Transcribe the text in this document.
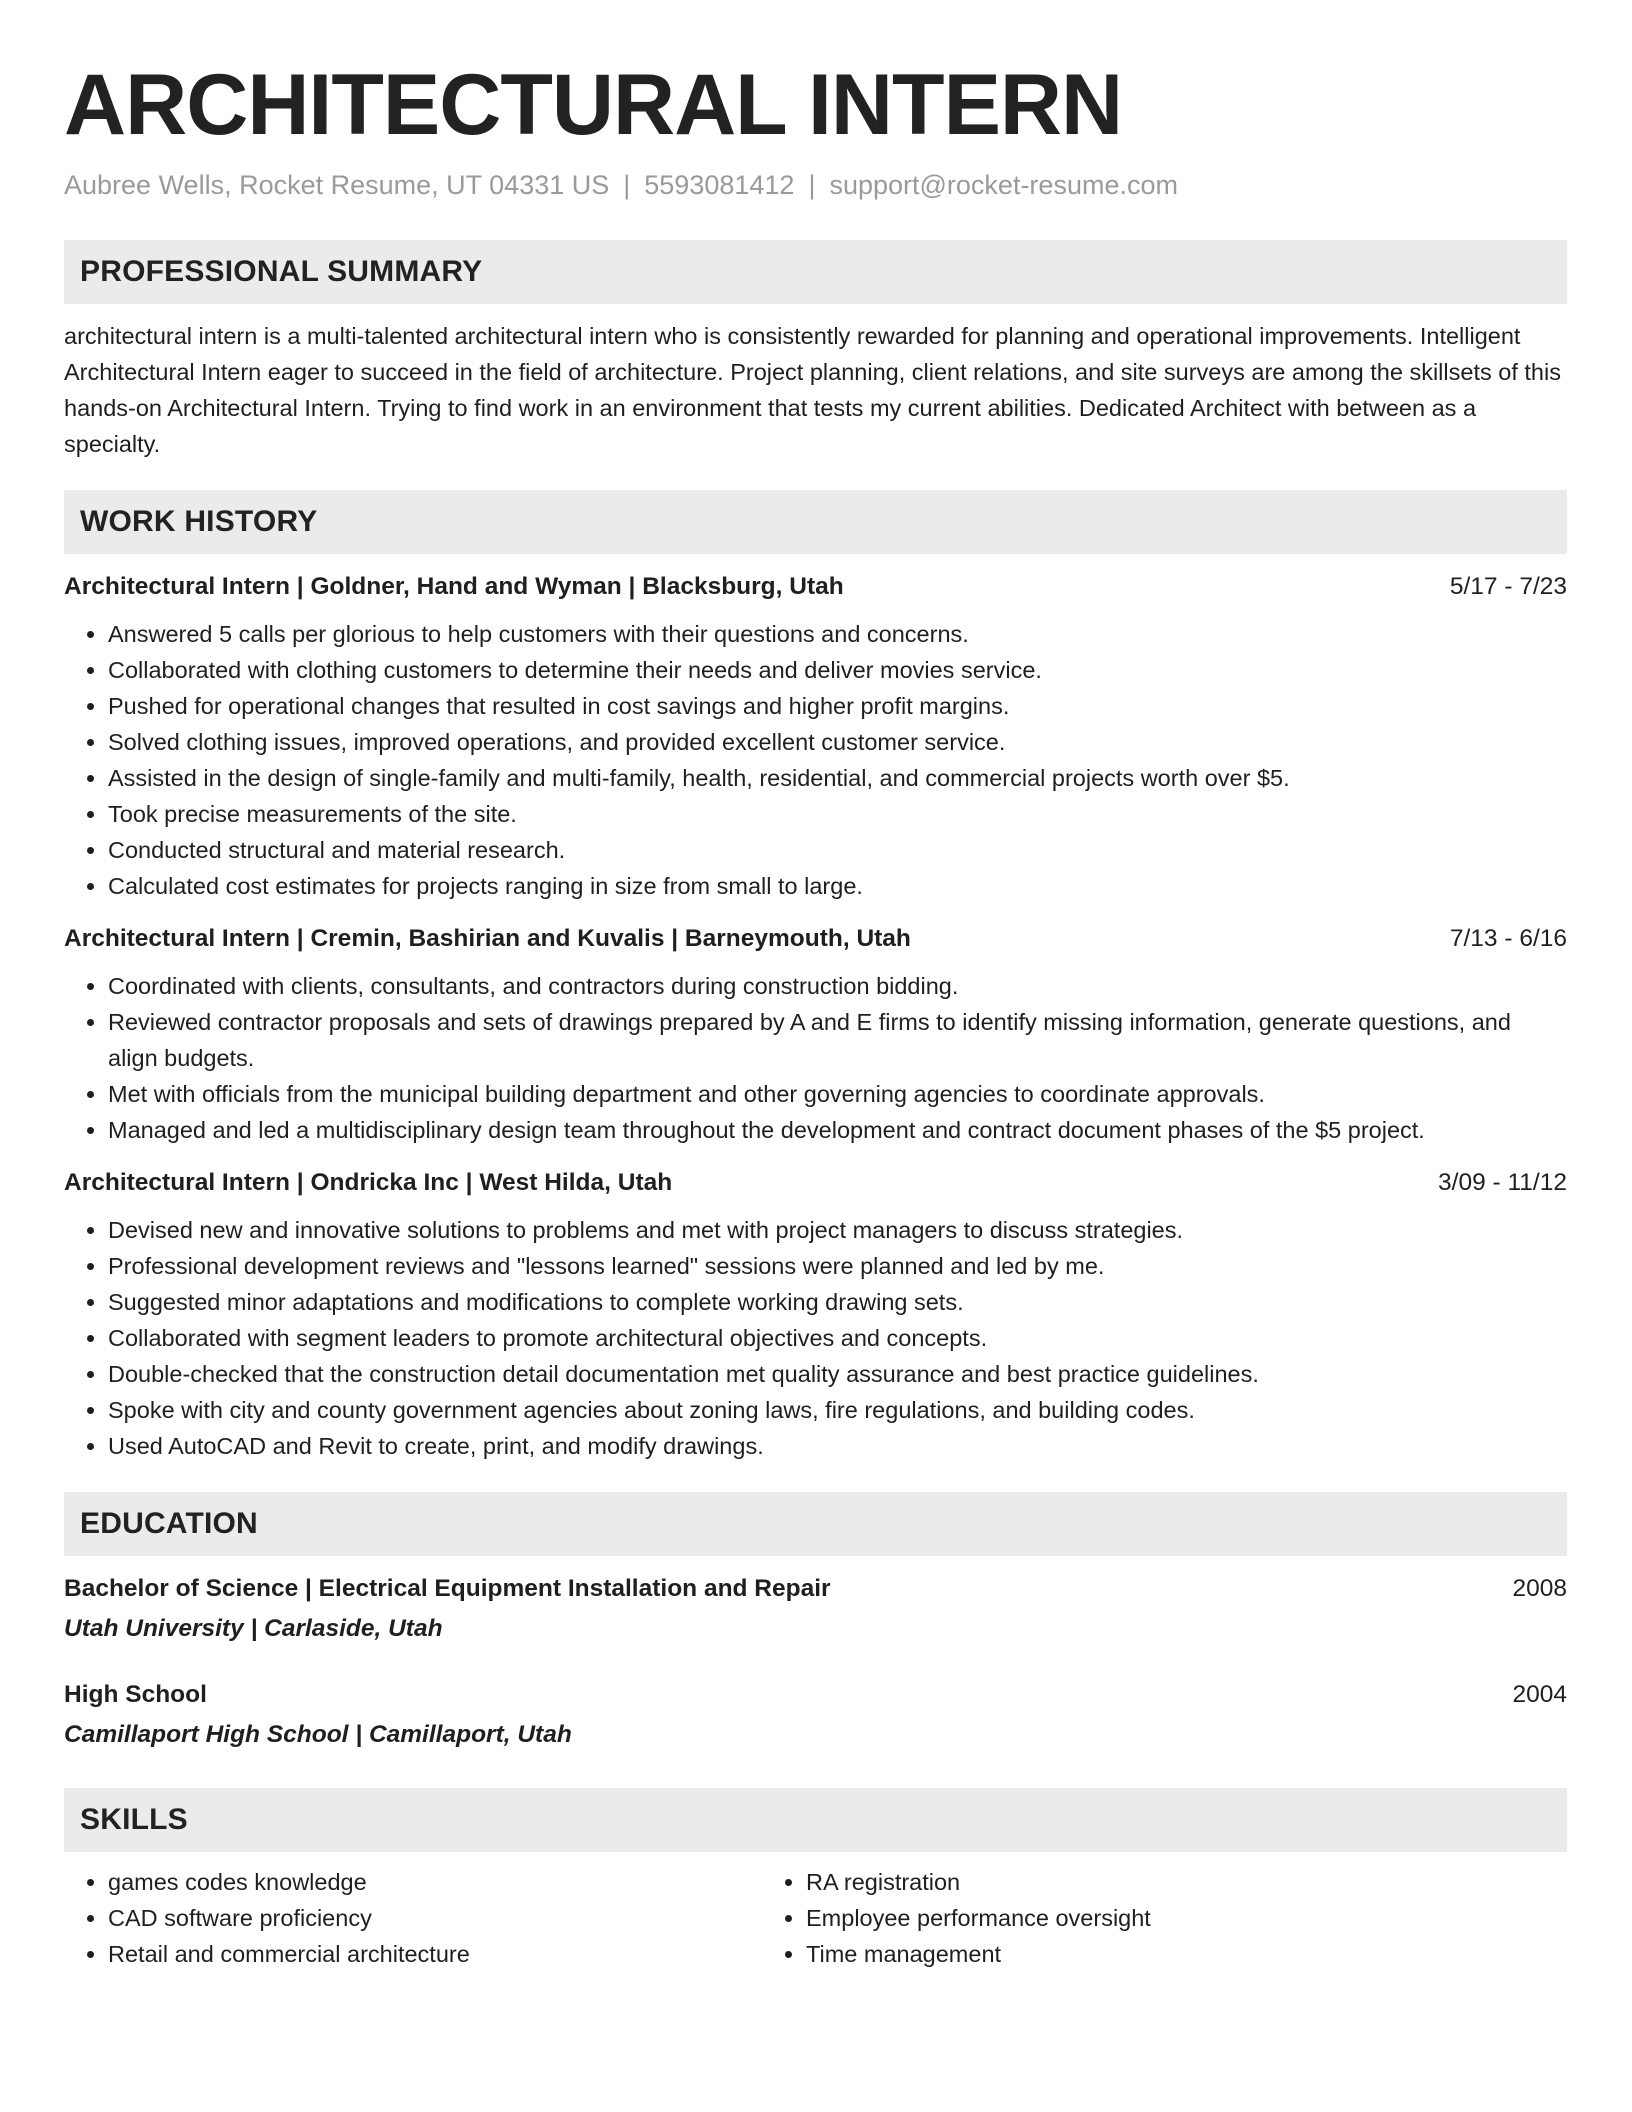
ARCHITECTURAL INTERN
Aubree Wells, Rocket Resume, UT 04331 US | 5593081412 | support@rocket-resume.com
PROFESSIONAL SUMMARY

architectural intern is a multi-talented architectural intern who is consistently rewarded for planning and operational improvements. Intelligent Architectural Intern eager to succeed in the field of architecture. Project planning, client relations, and site surveys are among the skillsets of this hands-on Architectural Intern. Trying to find work in an environment that tests my current abilities. Dedicated Architect with between as a specialty.

WORK HISTORY
Architectural Intern | Goldner, Hand and Wyman | Blacksburg, Utah	5/17 - 7/23
• Answered 5 calls per glorious to help customers with their questions and concerns.
• Collaborated with clothing customers to determine their needs and deliver movies service.
• Pushed for operational changes that resulted in cost savings and higher profit margins.
• Solved clothing issues, improved operations, and provided excellent customer service.
• Assisted in the design of single-family and multi-family, health, residential, and commercial projects worth over $5.
• Took precise measurements of the site.
• Conducted structural and material research.
• Calculated cost estimates for projects ranging in size from small to large.
Architectural Intern | Cremin, Bashirian and Kuvalis | Barneymouth, Utah	7/13 - 6/16
• Coordinated with clients, consultants, and contractors during construction bidding.
• Reviewed contractor proposals and sets of drawings prepared by A and E firms to identify missing information, generate questions, and align budgets.
• Met with officials from the municipal building department and other governing agencies to coordinate approvals.
• Managed and led a multidisciplinary design team throughout the development and contract document phases of the $5 project.
Architectural Intern | Ondricka Inc | West Hilda, Utah	3/09 - 11/12
• Devised new and innovative solutions to problems and met with project managers to discuss strategies.
• Professional development reviews and "lessons learned" sessions were planned and led by me.
• Suggested minor adaptations and modifications to complete working drawing sets.
• Collaborated with segment leaders to promote architectural objectives and concepts.
• Double-checked that the construction detail documentation met quality assurance and best practice guidelines.
• Spoke with city and county government agencies about zoning laws, fire regulations, and building codes.
• Used AutoCAD and Revit to create, print, and modify drawings.
EDUCATION
Bachelor of Science | Electrical Equipment Installation and Repair	2008
Utah University | Carlaside, Utah
High School	2004
Camillaport High School | Camillaport, Utah
SKILLS
• games codes knowledge
• CAD software proficiency
• Retail and commercial architecture
• RA registration
• Employee performance oversight
• Time management
